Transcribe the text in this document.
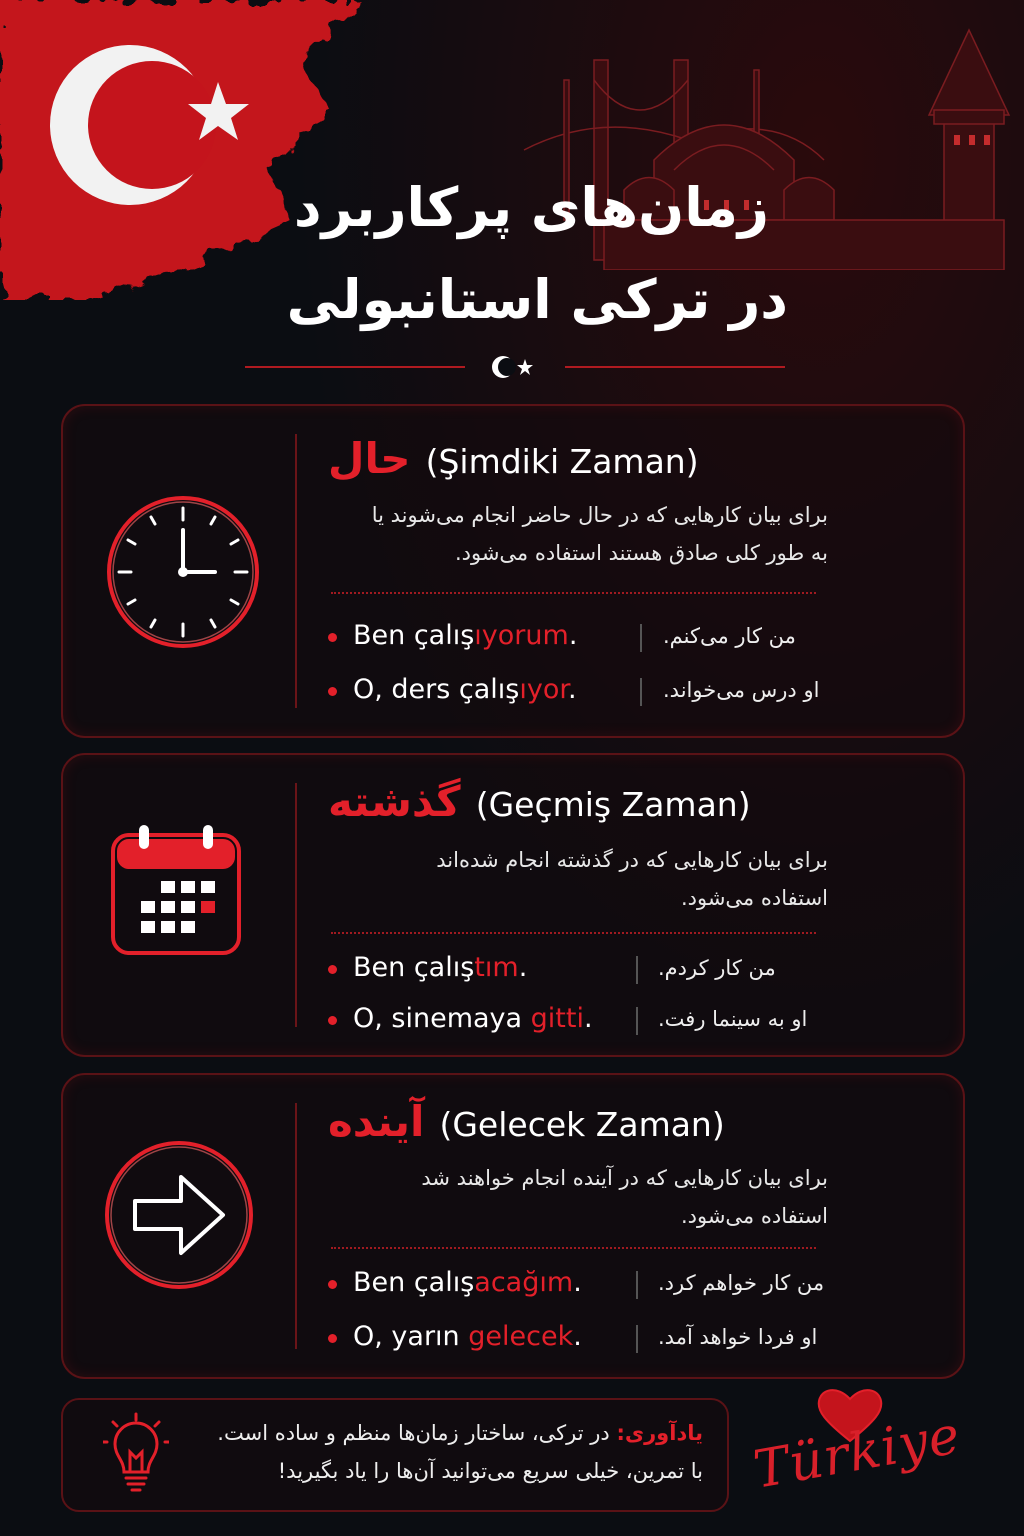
زمان‌های پرکاربرد
در ترکی استانبولی
حال (Şimdiki Zaman)
برای بیان کارهایی که در حال حاضر انجام می‌شوند یا
به طور کلی صادق هستند استفاده می‌شود.
Ben çalışıyorum.	من کار می‌کنم.
O, ders çalışıyor.	او درس می‌خواند.
گذشته (Geçmiş Zaman)
برای بیان کارهایی که در گذشته انجام شده‌اند
استفاده می‌شود.
Ben çalıştım.	من کار کردم.
O, sinemaya gitti.	او به سینما رفت.
آینده (Gelecek Zaman)
برای بیان کارهایی که در آینده انجام خواهند شد
استفاده می‌شود.
Ben çalışacağım.	من کار خواهم کرد.
O, yarın gelecek.	او فردا خواهد آمد.
یادآوری: در ترکی، ساختار زمان‌ها منظم و ساده است.
با تمرین، خیلی سریع می‌توانید آن‌ها را یاد بگیرید! Türkiye
